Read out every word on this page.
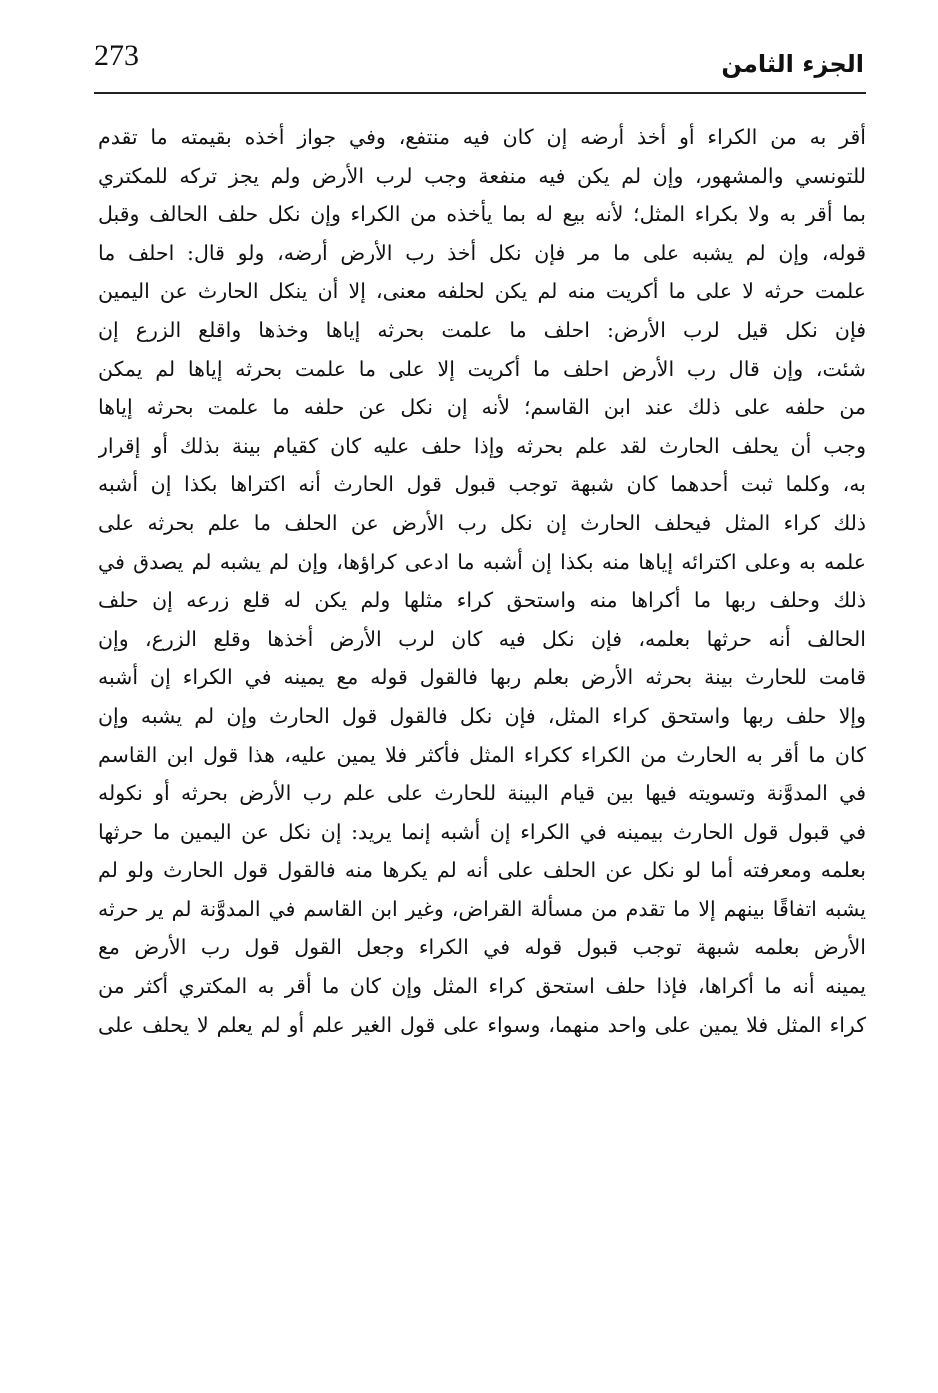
273	الجزء الثامن
أقر به من الكراء أو أخذ أرضه إن كان فيه منتفع، وفي جواز أخذه بقيمته ما تقدم
للتونسي والمشهور، وإن لم يكن فيه منفعة وجب لرب الأرض ولم يجز تركه للمكتري
بما أقر به ولا بكراء المثل؛ لأنه بيع له بما يأخذه من الكراء وإن نكل حلف الحالف وقبل
قوله، وإن لم يشبه على ما مر فإن نكل أخذ رب الأرض أرضه، ولو قال: احلف ما
علمت حرثه لا على ما أكريت منه لم يكن لحلفه معنى، إلا أن ينكل الحارث عن اليمين
فإن نكل قيل لرب الأرض: احلف ما علمت بحرثه إياها وخذها واقلع الزرع إن
شئت، وإن قال رب الأرض احلف ما أكريت إلا على ما علمت بحرثه إياها لم يمكن
من حلفه على ذلك عند ابن القاسم؛ لأنه إن نكل عن حلفه ما علمت بحرثه إياها
وجب أن يحلف الحارث لقد علم بحرثه وإذا حلف عليه كان كقيام بينة بذلك أو إقرار
به، وكلما ثبت أحدهما كان شبهة توجب قبول قول الحارث أنه اكتراها بكذا إن أشبه
ذلك كراء المثل فيحلف الحارث إن نكل رب الأرض عن الحلف ما علم بحرثه على
علمه به وعلى اكترائه إياها منه بكذا إن أشبه ما ادعى كراؤها، وإن لم يشبه لم يصدق في
ذلك وحلف ربها ما أكراها منه واستحق كراء مثلها ولم يكن له قلع زرعه إن حلف
الحالف أنه حرثها بعلمه، فإن نكل فيه كان لرب الأرض أخذها وقلع الزرع، وإن
قامت للحارث بينة بحرثه الأرض بعلم ربها فالقول قوله مع يمينه في الكراء إن أشبه
وإلا حلف ربها واستحق كراء المثل، فإن نكل فالقول قول الحارث وإن لم يشبه وإن
كان ما أقر به الحارث من الكراء ككراء المثل فأكثر فلا يمين عليه، هذا قول ابن القاسم
في المدوَّنة وتسويته فيها بين قيام البينة للحارث على علم رب الأرض بحرثه أو نكوله
في قبول قول الحارث بيمينه في الكراء إن أشبه إنما يريد: إن نكل عن اليمين ما حرثها
بعلمه ومعرفته أما لو نكل عن الحلف على أنه لم يكرها منه فالقول قول الحارث ولو لم
يشبه اتفاقًا بينهم إلا ما تقدم من مسألة القراض، وغير ابن القاسم في المدوَّنة لم ير حرثه
الأرض بعلمه شبهة توجب قبول قوله في الكراء وجعل القول قول رب الأرض مع
يمينه أنه ما أكراها، فإذا حلف استحق كراء المثل وإن كان ما أقر به المكتري أكثر من
كراء المثل فلا يمين على واحد منهما، وسواء على قول الغير علم أو لم يعلم لا يحلف على
